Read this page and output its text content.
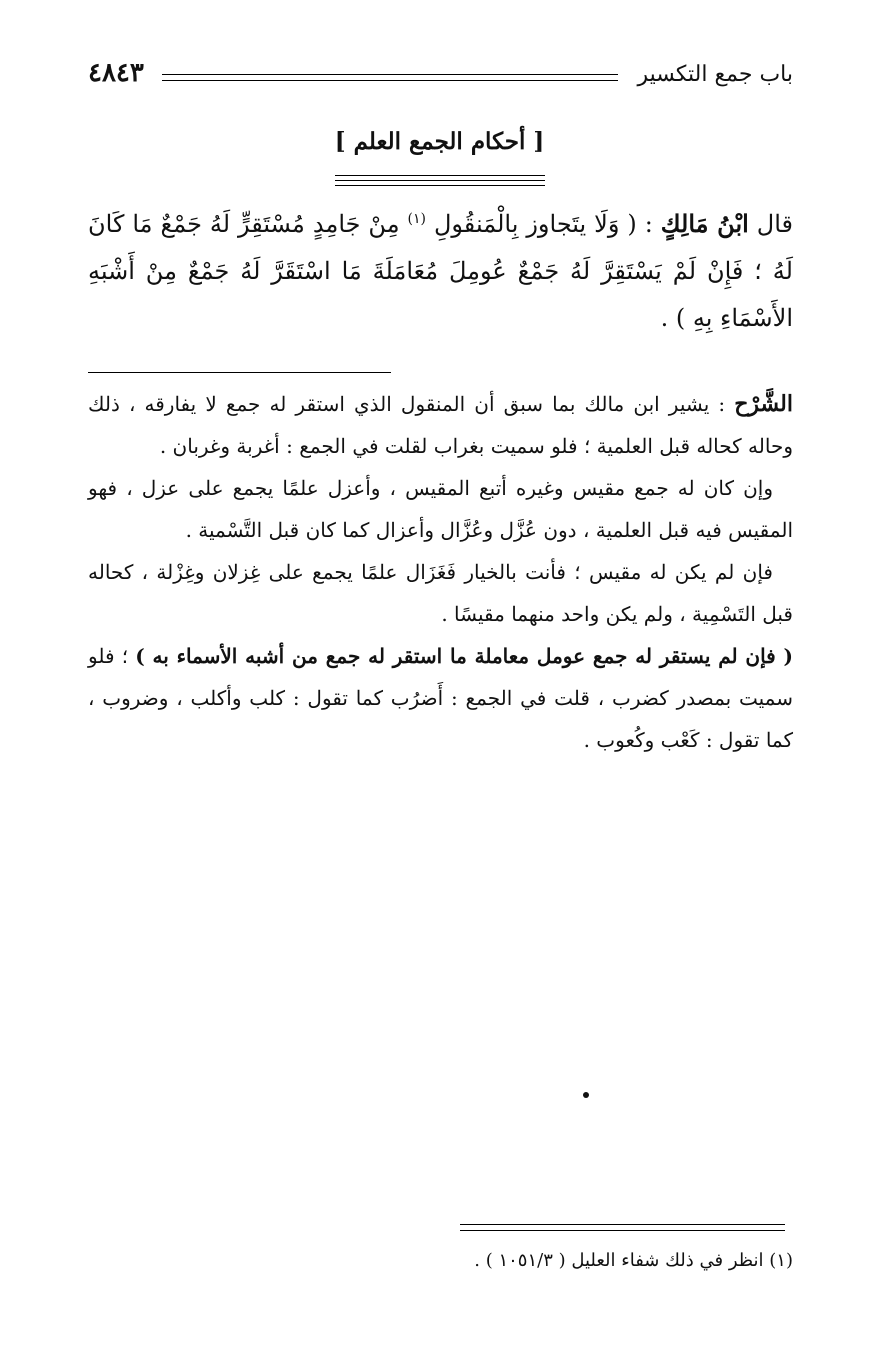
باب جمع التكسير
٤٨٤٣
[ أحكام الجمع العلم ]
قال ابْنُ مَالِكٍ : ( وَلَا يتَجاوز بِالْمَنقُولِ $^{(١)}$ مِنْ جَامِدٍ مُسْتَقِرٍّ لَهُ جَمْعٌ مَا كَانَ لَهُ ؛ فَإِنْ لَمْ يَسْتَقِرَّ لَهُ جَمْعٌ عُومِلَ مُعَامَلَةَ مَا اسْتَقَرَّ لَهُ جَمْعٌ مِنْ أَشْبَهِ الأَسْمَاءِ بِهِ ) .

الشَّرْح : يشير ابن مالك بما سبق أن المنقول الذي استقر له جمع لا يفارقه ، ذلك وحاله كحاله قبل العلمية ؛ فلو سميت بغراب لقلت في الجمع : أغربة وغربان .

وإن كان له جمع مقيس وغيره أتبع المقيس ، وأعزل علمًا يجمع على عزل ، فهو المقيس فيه قبل العلمية ، دون عُزَّل وعُزَّال وأعزال كما كان قبل التَّسْمية .

فإن لم يكن له مقيس ؛ فأنت بالخيار فَغَزَال علمًا يجمع على غِزلان وغِزْلة ، كحاله قبل التَسْمِية ، ولم يكن واحد منهما مقيسًا .

( فإن لم يستقر له جمع عومل معاملة ما استقر له جمع من أشبه الأسماء به ) ؛ فلو سميت بمصدر كضرب ، قلت في الجمع : أَضرُب كما تقول : كلب وأكلب ، وضروب ، كما تقول : كَعْب وكُعوب .

(١) انظر في ذلك شفاء العليل ( ١٠٥١/٣ ) .
